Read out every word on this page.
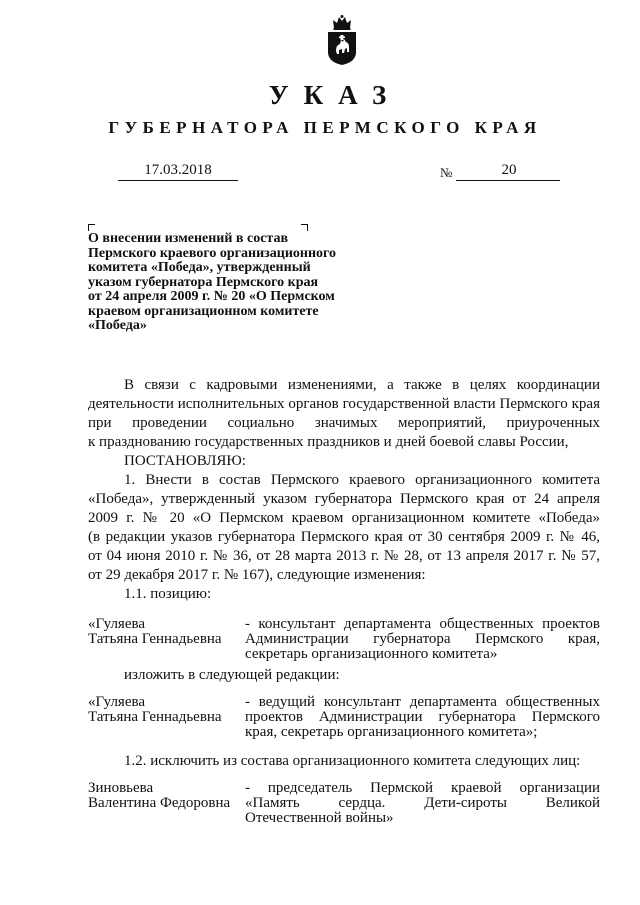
УКАЗ
ГУБЕРНАТОРА ПЕРМСКОГО КРАЯ
17.03.2018	№	20
О внесении изменений в состав
Пермского краевого организационного
комитета «Победа», утвержденный
указом губернатора Пермского края
от 24 апреля 2009 г. № 20 «О Пермском
краевом организационном комитете
«Победа»
В связи с кадровыми изменениями, а также в целях координации
деятельности исполнительных органов государственной власти Пермского края
при проведении социально значимых мероприятий, приуроченных
к празднованию государственных праздников и дней боевой славы России,
ПОСТАНОВЛЯЮ:
1. Внести в состав Пермского краевого организационного комитета
«Победа», утвержденный указом губернатора Пермского края от 24 апреля
2009 г. № 20 «О Пермском краевом организационном комитете «Победа»
(в редакции указов губернатора Пермского края от 30 сентября 2009 г. № 46,
от 04 июня 2010 г. № 36, от 28 марта 2013 г. № 28, от 13 апреля 2017 г. № 57,
от 29 декабря 2017 г. № 167), следующие изменения:
1.1. позицию:
«Гуляева
Татьяна Геннадьевна
- консультант департамента общественных проектов
Администрации губернатора Пермского края,
секретарь организационного комитета»
изложить в следующей редакции:
«Гуляева
Татьяна Геннадьевна
- ведущий консультант департамента общественных
проектов Администрации губернатора Пермского
края, секретарь организационного комитета»;
1.2. исключить из состава организационного комитета следующих лиц:
Зиновьева
Валентина Федоровна
- председатель Пермской краевой организации
«Память сердца. Дети-сироты Великой
Отечественной войны»
